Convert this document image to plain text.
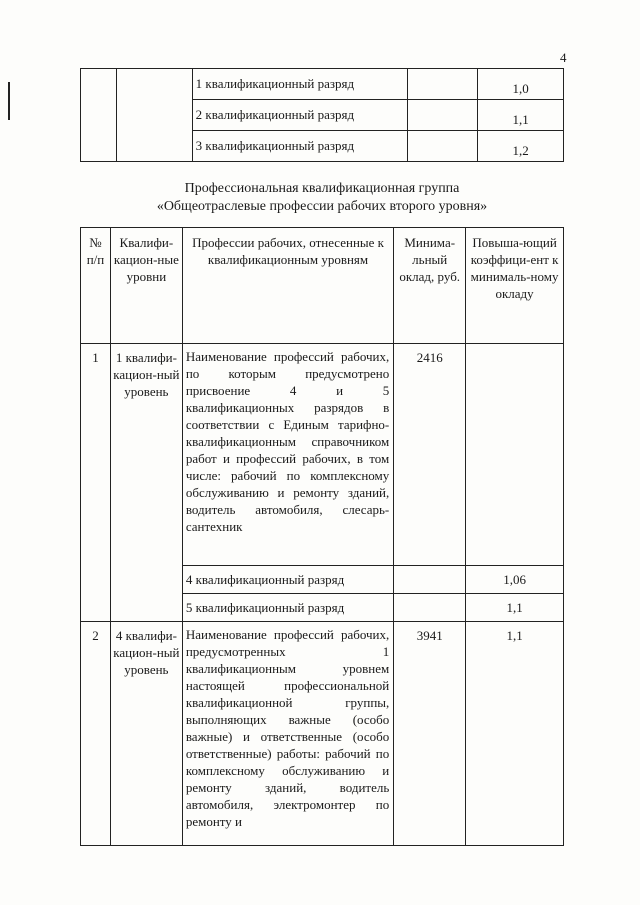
4
		1 квалификационный разряд		1,0
		2 квалификационный разряд		1,1
		3 квалификационный разряд		1,2
Профессиональная квалификационная группа
«Общеотраслевые профессии рабочих второго уровня»
№ п/п	Квалифи-кацион-ные уровни	Профессии рабочих, отнесенные к квалификационным уровням	Минима-льный оклад, руб.	Повыша-ющий коэффици-ент к минималь-ному окладу
1	1 квалифи-кацион-ный уровень	Наименование профессий рабочих, по которым предусмотрено присвоение 4 и 5 квалификационных разрядов в соответствии с Единым тарифно-квалификационным справочником работ и профессий рабочих, в том числе: рабочий по комплексному обслуживанию и ремонту зданий, водитель автомобиля, слесарь-сантехник	2416	
		4 квалификационный разряд		1,06
		5 квалификационный разряд		1,1
2	4 квалифи-кацион-ный уровень	Наименование профессий рабочих, предусмотренных 1 квалификационным уровнем настоящей профессиональной квалификационной группы, выполняющих важные (особо важные) и ответственные (особо ответственные) работы: рабочий по комплексному обслуживанию и ремонту зданий, водитель автомобиля, электромонтер по ремонту и	3941	1,1
